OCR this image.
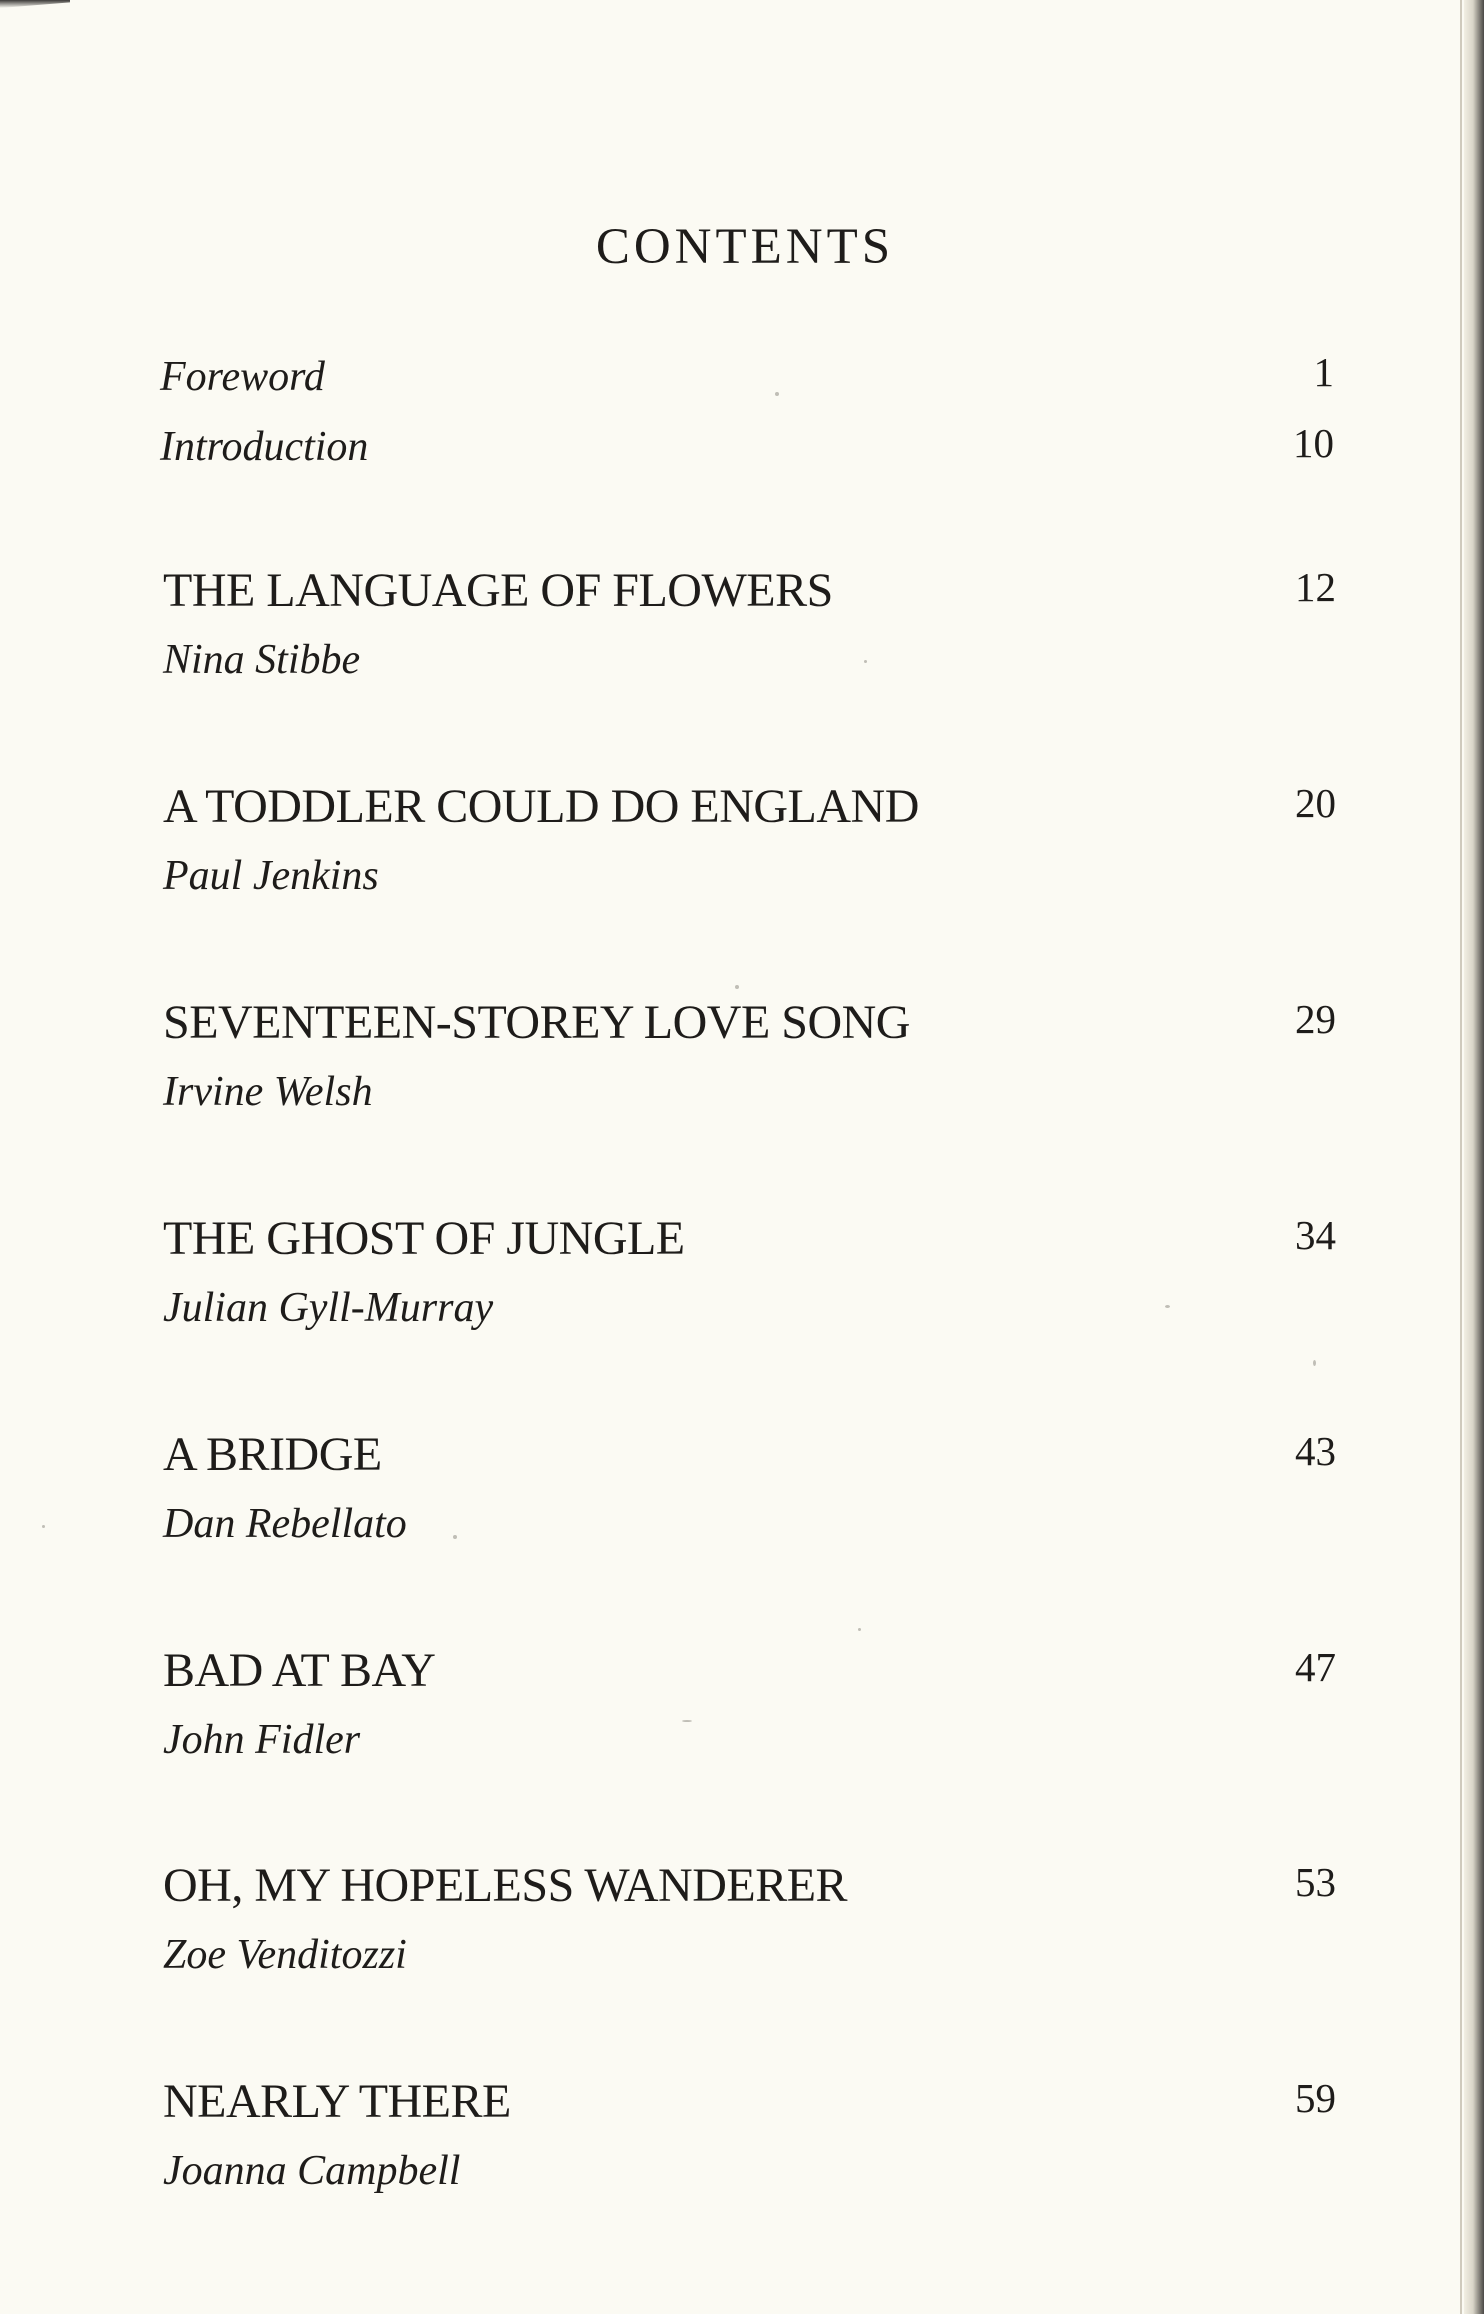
CONTENTS
Foreword	1
Introduction	10
THE LANGUAGE OF FLOWERS
Nina Stibbe
12
A TODDLER COULD DO ENGLAND
Paul Jenkins
20
SEVENTEEN-STOREY LOVE SONG
Irvine Welsh
29
THE GHOST OF JUNGLE
Julian Gyll-Murray
34
A BRIDGE
Dan Rebellato
43
BAD AT BAY
John Fidler
47
OH, MY HOPELESS WANDERER
Zoe Venditozzi
53
NEARLY THERE
Joanna Campbell
59
